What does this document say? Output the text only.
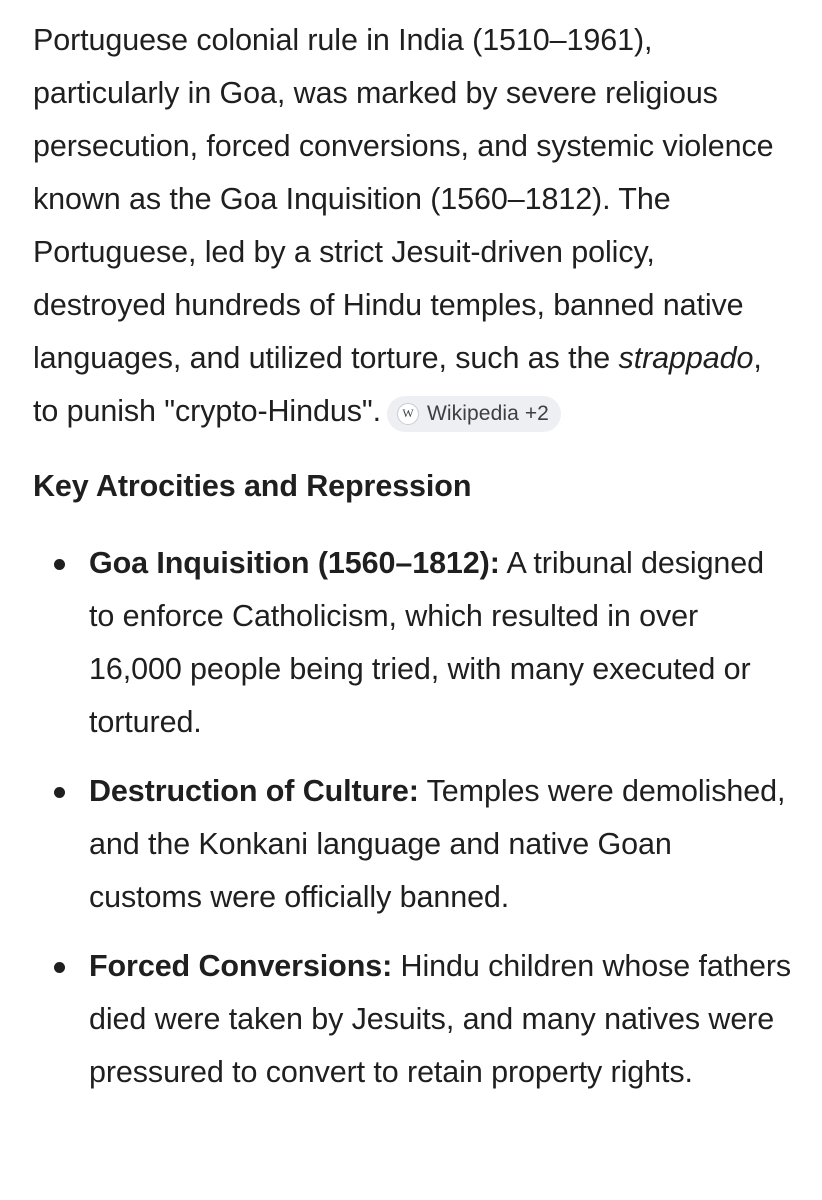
Portuguese colonial rule in India (1510–1961), particularly in Goa, was marked by severe religious persecution, forced conversions, and systemic violence known as the Goa Inquisition (1560–1812). The Portuguese, led by a strict Jesuit-driven policy, destroyed hundreds of Hindu temples, banned native languages, and utilized torture, such as the strappado, to punish "crypto-Hindus".	W Wikipedia +2

Key Atrocities and Repression
Goa Inquisition (1560–1812): A tribunal designed to enforce Catholicism, which resulted in over 16,000 people being tried, with many executed or tortured.
Destruction of Culture: Temples were demolished, and the Konkani language and native Goan customs were officially banned.
Forced Conversions: Hindu children whose fathers died were taken by Jesuits, and many natives were pressured to convert to retain property rights.
